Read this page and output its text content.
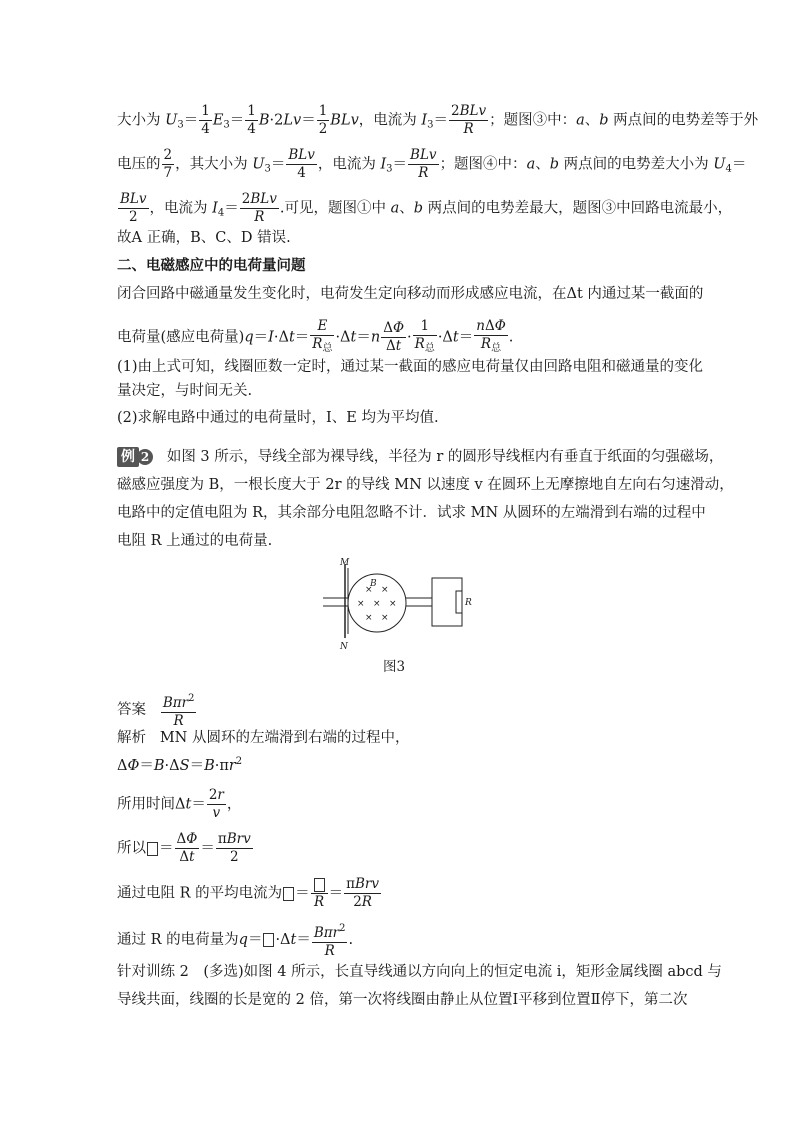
大小为 $U_3= \frac{1}{4} E_3= \frac{1}{4} B\cdot 2Lv= \frac{1}{2}$ BLv，电流为 $I_3= \frac{\text{2BLv}}{R}$ ；题图③中：a、b 两点间的电势差等于外
电压的 $\frac{2}{7}$ ，其大小为 $U_3= \frac{\text{BLv}}{4}$ ，电流为 $I_3= \frac{\text{BLv}}{R}$ ；题图④中：a、b 两点间的电势差大小为 $U_4=$
$\frac{\text{BLv}}{2}$ ，电流为 $I_4= \frac{\text{2BLv}}{R}$ .可见，题图①中 a、b 两点间的电势差最大，题图③中回路电流最小，
故A 正确，B、C、D 错误.
二、电磁感应中的电荷量问题
闭合回路中磁通量发生变化时，电荷发生定向移动而形成感应电流，在Δt 内通过某一截面的
电荷量(感应电荷量)$q=I\cdot\Delta t= \frac{E}{R_总} \cdot\Delta t=n \frac{\Delta\Phi}{\Delta t} \cdot \frac{1}{R_总} \cdot\Delta t= \frac{\text{nΔΦ}}{R_总}$ .
(1)由上式可知，线圈匝数一定时，通过某一截面的感应电荷量仅由回路电阻和磁通量的变化
量决定，与时间无关.
(2)求解电路中通过的电荷量时，I、E 均为平均值.
例 2 如图 3 所示，导线全部为裸导线，半径为 r 的圆形导线框内有垂直于纸面的匀强磁场，
磁感应强度为 B，一根长度大于 2r 的导线 MN 以速度 v 在圆环上无摩擦地自左向右匀速滑动，
电路中的定值电阻为 R，其余部分电阻忽略不计．试求 MN 从圆环的左端滑到右端的过程中
电阻 R 上通过的电荷量.
× ×
× × ×
× ×
B
M
N
R
图3
答案 $\frac{B\pi r^2}{R}$
解析 MN 从圆环的左端滑到右端的过程中，
$\Delta\Phi=B\cdot\Delta S=B\cdot\pi r^2$
所用时间$\Delta t= \frac{2r}{v}$ ，
所以 ＝ $\frac{\Delta\Phi}{\Delta t} = \frac{\text{πBrv}}{2}$
通过电阻 R 的平均电流为 ＝
R
＝ $\frac{\text{πBrv}}{2R}$
通过 R 的电荷量为$q= \cdot\Delta t= \frac{B\pi r^2}{R}$ .
针对训练 2　(多选)如图 4 所示，长直导线通以方向向上的恒定电流 i，矩形金属线圈 abcd 与
导线共面，线圈的长是宽的 2 倍，第一次将线圈由静止从位置Ⅰ平移到位置Ⅱ停下，第二次
